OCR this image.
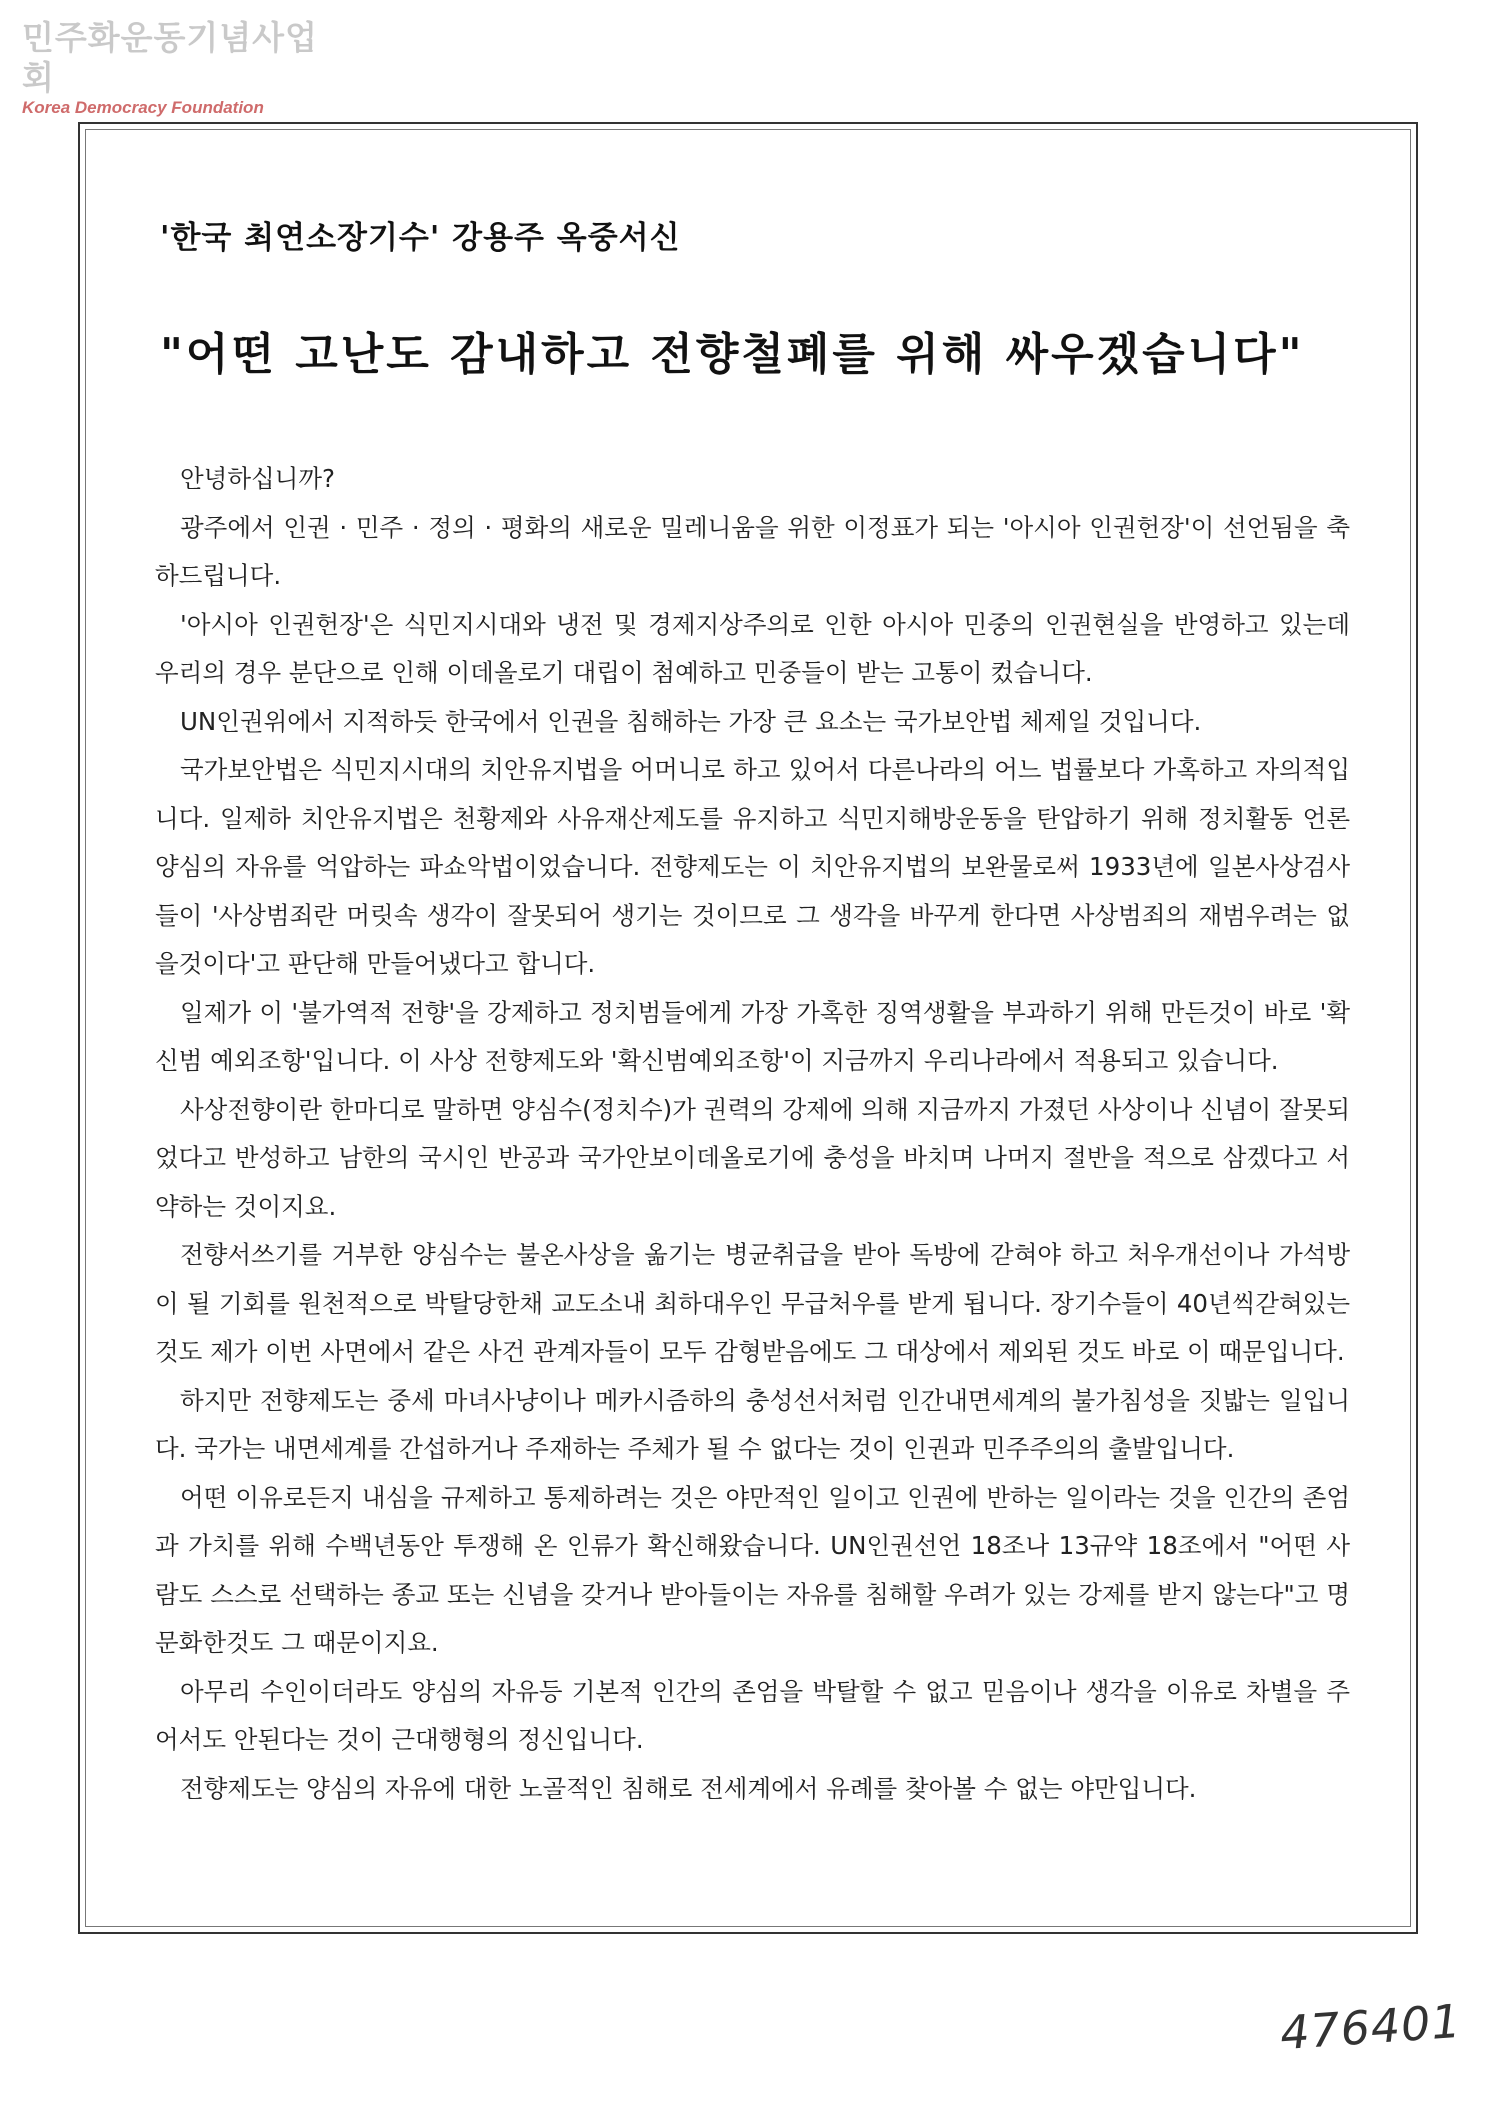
민주화운동기념사업회
Korea Democracy Foundation
'한국 최연소장기수' 강용주 옥중서신
"어떤 고난도 감내하고 전향철폐를 위해 싸우겠습니다"

안녕하십니까?

광주에서 인권 · 민주 · 정의 · 평화의 새로운 밀레니움을 위한 이정표가 되는 '아시아 인권헌장'이 선언됨을 축하드립니다.

'아시아 인권헌장'은 식민지시대와 냉전 및 경제지상주의로 인한 아시아 민중의 인권현실을 반영하고 있는데 우리의 경우 분단으로 인해 이데올로기 대립이 첨예하고 민중들이 받는 고통이 컸습니다.

UN인권위에서 지적하듯 한국에서 인권을 침해하는 가장 큰 요소는 국가보안법 체제일 것입니다.

국가보안법은 식민지시대의 치안유지법을 어머니로 하고 있어서 다른나라의 어느 법률보다 가혹하고 자의적입니다. 일제하 치안유지법은 천황제와 사유재산제도를 유지하고 식민지해방운동을 탄압하기 위해 정치활동 언론 양심의 자유를 억압하는 파쇼악법이었습니다. 전향제도는 이 치안유지법의 보완물로써 1933년에 일본사상검사들이 '사상범죄란 머릿속 생각이 잘못되어 생기는 것이므로 그 생각을 바꾸게 한다면 사상범죄의 재범우려는 없을것이다'고 판단해 만들어냈다고 합니다.

일제가 이 '불가역적 전향'을 강제하고 정치범들에게 가장 가혹한 징역생활을 부과하기 위해 만든것이 바로 '확신범 예외조항'입니다. 이 사상 전향제도와 '확신범예외조항'이 지금까지 우리나라에서 적용되고 있습니다.

사상전향이란 한마디로 말하면 양심수(정치수)가 권력의 강제에 의해 지금까지 가졌던 사상이나 신념이 잘못되었다고 반성하고 남한의 국시인 반공과 국가안보이데올로기에 충성을 바치며 나머지 절반을 적으로 삼겠다고 서약하는 것이지요.

전향서쓰기를 거부한 양심수는 불온사상을 옮기는 병균취급을 받아 독방에 갇혀야 하고 처우개선이나 가석방이 될 기회를 원천적으로 박탈당한채 교도소내 최하대우인 무급처우를 받게 됩니다. 장기수들이 40년씩갇혀있는것도 제가 이번 사면에서 같은 사건 관계자들이 모두 감형받음에도 그 대상에서 제외된 것도 바로 이 때문입니다.

하지만 전향제도는 중세 마녀사냥이나 메카시즘하의 충성선서처럼 인간내면세계의 불가침성을 짓밟는 일입니다. 국가는 내면세계를 간섭하거나 주재하는 주체가 될 수 없다는 것이 인권과 민주주의의 출발입니다.

어떤 이유로든지 내심을 규제하고 통제하려는 것은 야만적인 일이고 인권에 반하는 일이라는 것을 인간의 존엄과 가치를 위해 수백년동안 투쟁해 온 인류가 확신해왔습니다. UN인권선언 18조나 13규약 18조에서 "어떤 사람도 스스로 선택하는 종교 또는 신념을 갖거나 받아들이는 자유를 침해할 우려가 있는 강제를 받지 않는다"고 명문화한것도 그 때문이지요.

아무리 수인이더라도 양심의 자유등 기본적 인간의 존엄을 박탈할 수 없고 믿음이나 생각을 이유로 차별을 주어서도 안된다는 것이 근대행형의 정신입니다.

전향제도는 양심의 자유에 대한 노골적인 침해로 전세계에서 유례를 찾아볼 수 없는 야만입니다.

476401
